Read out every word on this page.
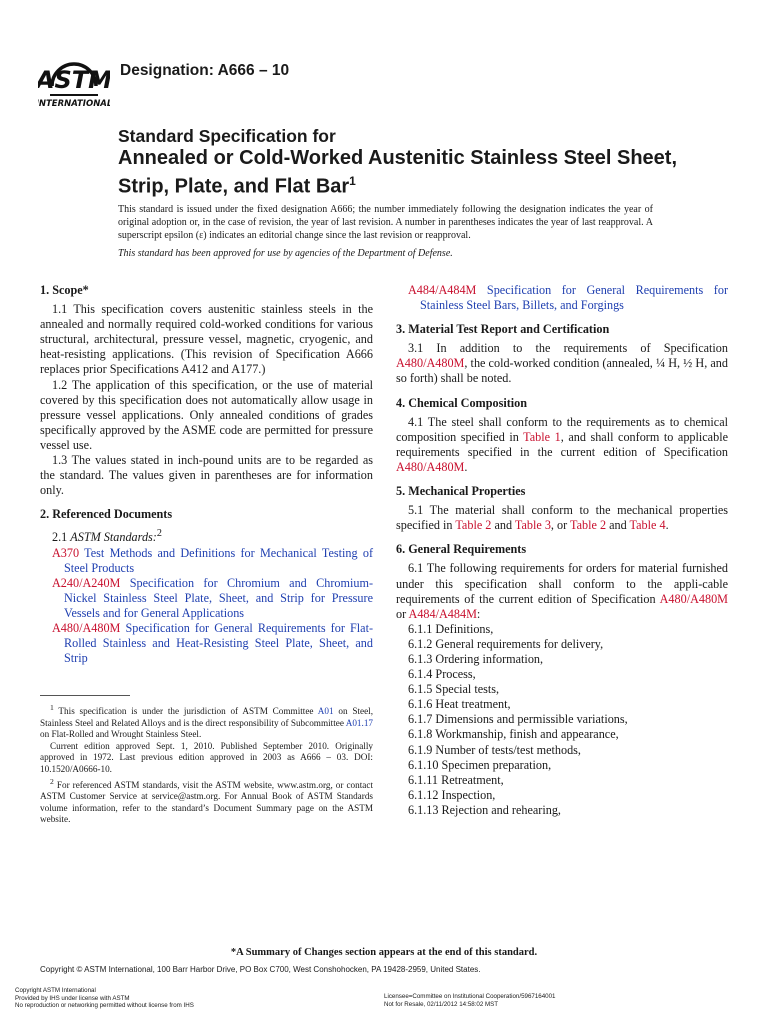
ASTM
INTERNATIONAL
Designation: A666 – 10
Standard Specification for
Annealed or Cold-Worked Austenitic Stainless Steel Sheet,
Strip, Plate, and Flat Bar$^1$
This standard is issued under the fixed designation A666; the number immediately following the designation indicates the year of original adoption or, in the case of revision, the year of last revision. A number in parentheses indicates the year of last reapproval. A superscript epsilon (ε) indicates an editorial change since the last revision or reapproval.
This standard has been approved for use by agencies of the Department of Defense.
1. Scope*

1.1 This specification covers austenitic stainless steels in the annealed and normally required cold-worked conditions for various structural, architectural, pressure vessel, magnetic, cryogenic, and heat-resisting applications. (This revision of Specification A666 replaces prior Specifications A412 and A177.)

1.2 The application of this specification, or the use of material covered by this specification does not automatically allow usage in pressure vessel applications. Only annealed conditions of grades specifically approved by the ASME code are permitted for pressure vessel use.

1.3 The values stated in inch-pound units are to be regarded as the standard. The values given in parentheses are for information only.

2. Referenced Documents

2.1 ASTM Standards:$^2$

A370 Test Methods and Definitions for Mechanical Testing of Steel Products

A240/A240M Specification for Chromium and Chromium-Nickel Stainless Steel Plate, Sheet, and Strip for Pressure Vessels and for General Applications

A480/A480M Specification for General Requirements for Flat-Rolled Stainless and Heat-Resisting Steel Plate, Sheet, and Strip

A484/A484M Specification for General Requirements for Stainless Steel Bars, Billets, and Forgings

3. Material Test Report and Certification

3.1 In addition to the requirements of Specification A480/A480M, the cold-worked condition (annealed, ¼ H, ½ H, and so forth) shall be noted.

4. Chemical Composition

4.1 The steel shall conform to the requirements as to chemical composition specified in Table 1, and shall conform to applicable requirements specified in the current edition of Specification A480/A480M.

5. Mechanical Properties

5.1 The material shall conform to the mechanical properties specified in Table 2 and Table 3, or Table 2 and Table 4.

6. General Requirements

6.1 The following requirements for orders for material furnished under this specification shall conform to the appli-cable requirements of the current edition of Specification A480/A480M or A484/A484M:

6.1.1 Definitions,

6.1.2 General requirements for delivery,

6.1.3 Ordering information,

6.1.4 Process,

6.1.5 Special tests,

6.1.6 Heat treatment,

6.1.7 Dimensions and permissible variations,

6.1.8 Workmanship, finish and appearance,

6.1.9 Number of tests/test methods,

6.1.10 Specimen preparation,

6.1.11 Retreatment,

6.1.12 Inspection,

6.1.13 Rejection and rehearing,

$^1$ This specification is under the jurisdiction of ASTM Committee A01 on Steel, Stainless Steel and Related Alloys and is the direct responsibility of Subcommittee A01.17 on Flat-Rolled and Wrought Stainless Steel.

Current edition approved Sept. 1, 2010. Published September 2010. Originally approved in 1972. Last previous edition approved in 2003 as A666 – 03. DOI: 10.1520/A0666-10.

$^2$ For referenced ASTM standards, visit the ASTM website, www.astm.org, or contact ASTM Customer Service at service@astm.org. For Annual Book of ASTM Standards volume information, refer to the standard’s Document Summary page on the ASTM website.

*A Summary of Changes section appears at the end of this standard.
Copyright © ASTM International, 100 Barr Harbor Drive, PO Box C700, West Conshohocken, PA 19428-2959, United States.
Copyright ASTM International
Provided by IHS under license with ASTM
No reproduction or networking permitted without license from IHS
Licensee=Committee on Institutional Cooperation/5967164001
Not for Resale, 02/11/2012 14:58:02 MST
